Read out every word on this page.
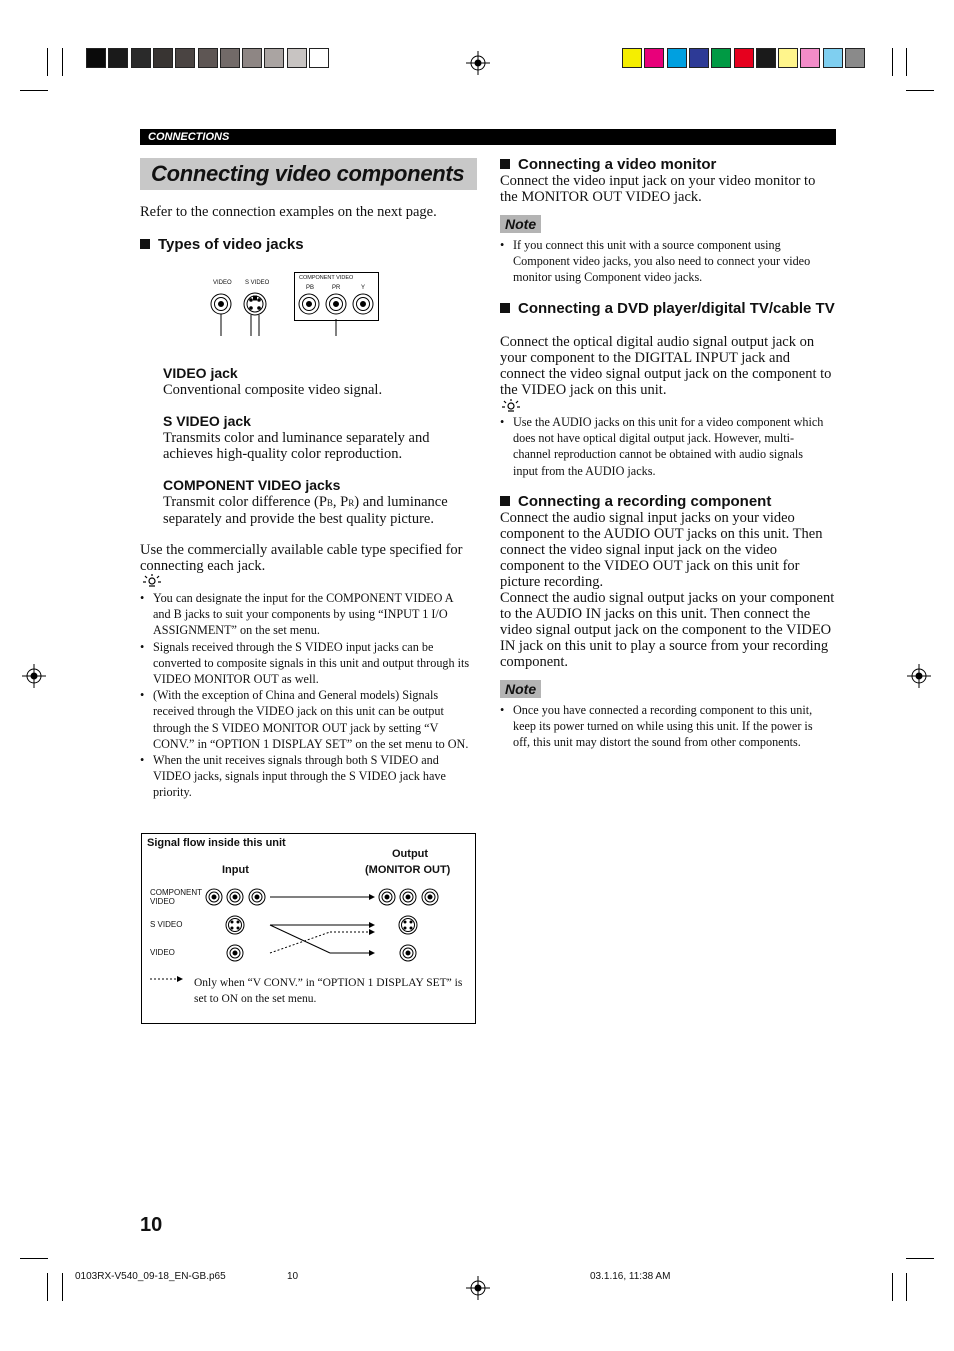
CONNECTIONS
Connecting video components
Refer to the connection examples on the next page.
Types of video jacks
VIDEO S VIDEO
COMPONENT VIDEO
PB	PR	Y
VIDEO jack
Conventional composite video signal.
S VIDEO jack
Transmits color and luminance separately and achieves high-quality color reproduction.
COMPONENT VIDEO jacks
Transmit color difference (PB, PR) and luminance separately and provide the best quality picture.
Use the commercially available cable type specified for connecting each jack.
• You can designate the input for the COMPONENT VIDEO A and B jacks to suit your components by using “INPUT 1 I/O ASSIGNMENT” on the set menu.
• Signals received through the S VIDEO input jacks can be converted to composite signals in this unit and output through its VIDEO MONITOR OUT as well.
• (With the exception of China and General models) Signals received through the VIDEO jack on this unit can be output through the S VIDEO MONITOR OUT jack by setting “V CONV.” in “OPTION 1 DISPLAY SET” on the set menu to ON.
• When the unit receives signals through both S VIDEO and VIDEO jacks, signals input through the S VIDEO jack have priority.
Signal flow inside this unit
Input
Output
(MONITOR OUT)
COMPONENT
VIDEO
S VIDEO
VIDEO
Only when “V CONV.” in “OPTION 1 DISPLAY SET” is set to ON on the set menu.
Connecting a video monitor
Connect the video input jack on your video monitor to the MONITOR OUT VIDEO jack.
Note
• If you connect this unit with a source component using Component video jacks, you also need to connect your video monitor using Component video jacks.
Connecting a DVD player/digital TV/cable TV
Connect the optical digital audio signal output jack on your component to the DIGITAL INPUT jack and connect the video signal output jack on the component to the VIDEO jack on this unit.
• Use the AUDIO jacks on this unit for a video component which does not have optical digital output jack. However, multi-channel reproduction cannot be obtained with audio signals input from the AUDIO jacks.
Connecting a recording component
Connect the audio signal input jacks on your video component to the AUDIO OUT jacks on this unit. Then connect the video signal input jack on the video component to the VIDEO OUT jack on this unit for picture recording.
Connect the audio signal output jacks on your component to the AUDIO IN jacks on this unit. Then connect the video signal output jack on the component to the VIDEO IN jack on this unit to play a source from your recording component.
Note
• Once you have connected a recording component to this unit, keep its power turned on while using this unit. If the power is off, this unit may distort the sound from other components.
10
0103RX-V540_09-18_EN-GB.p65	10	03.1.16, 11:38 AM
